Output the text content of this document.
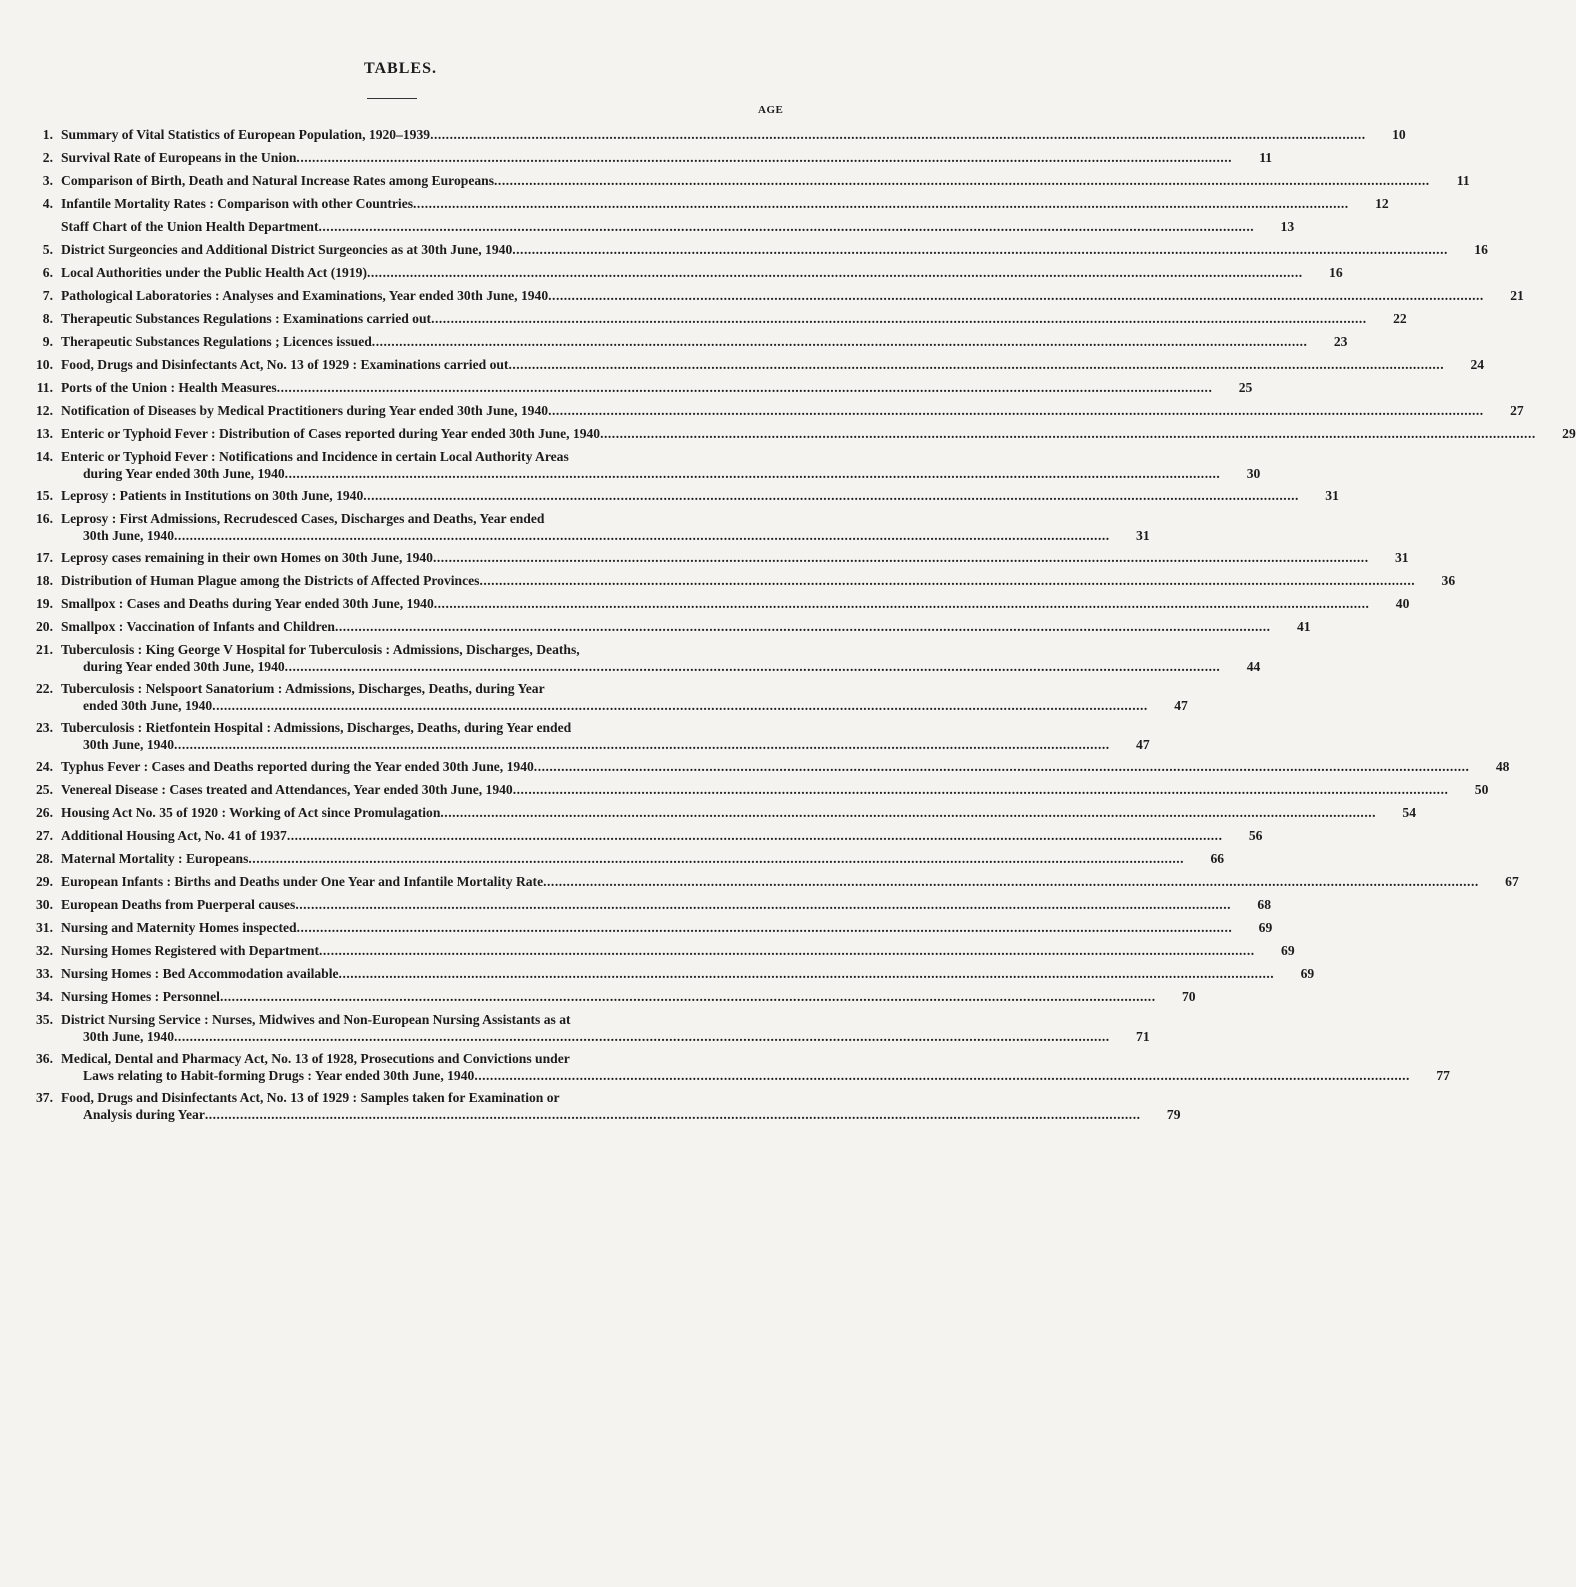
TABLES.
AGE
1. Summary of Vital Statistics of European Population, 1920–1939 .....	10
2. Survival Rate of Europeans in the Union .....	11
3. Comparison of Birth, Death and Natural Increase Rates among Europeans .....	11
4. Infantile Mortality Rates : Comparison with other Countries .....	12
Staff Chart of the Union Health Department .....	13
5. District Surgeoncies and Additional District Surgeoncies as at 30th June, 1940 .....	16
6. Local Authorities under the Public Health Act (1919) .....	16
7. Pathological Laboratories : Analyses and Examinations, Year ended 30th June, 1940 .....	21
8. Therapeutic Substances Regulations : Examinations carried out .....	22
9. Therapeutic Substances Regulations ; Licences issued .....	23
10. Food, Drugs and Disinfectants Act, No. 13 of 1929 : Examinations carried out .....	24
11. Ports of the Union : Health Measures .....	25
12. Notification of Diseases by Medical Practitioners during Year ended 30th June, 1940 .....	27
13. Enteric or Typhoid Fever : Distribution of Cases reported during Year ended 30th June, 1940 .....	29
14. Enteric or Typhoid Fever : Notifications and Incidence in certain Local Authority Areas
during Year ended 30th June, 1940 .....	30
15. Leprosy : Patients in Institutions on 30th June, 1940 .....	31
16. Leprosy : First Admissions, Recrudesced Cases, Discharges and Deaths, Year ended
30th June, 1940 .....	31
17. Leprosy cases remaining in their own Homes on 30th June, 1940 .....	31
18. Distribution of Human Plague among the Districts of Affected Provinces .....	36
19. Smallpox : Cases and Deaths during Year ended 30th June, 1940 .....	40
20. Smallpox : Vaccination of Infants and Children .....	41
21. Tuberculosis : King George V Hospital for Tuberculosis : Admissions, Discharges, Deaths,
during Year ended 30th June, 1940 .....	44
22. Tuberculosis : Nelspoort Sanatorium : Admissions, Discharges, Deaths, during Year
ended 30th June, 1940 .....	47
23. Tuberculosis : Rietfontein Hospital : Admissions, Discharges, Deaths, during Year ended
30th June, 1940 .....	47
24. Typhus Fever : Cases and Deaths reported during the Year ended 30th June, 1940 .....	48
25. Venereal Disease : Cases treated and Attendances, Year ended 30th June, 1940 .....	50
26. Housing Act No. 35 of 1920 : Working of Act since Promulagation .....	54
27. Additional Housing Act, No. 41 of 1937 .....	56
28. Maternal Mortality : Europeans .....	66
29. European Infants : Births and Deaths under One Year and Infantile Mortality Rate .....	67
30. European Deaths from Puerperal causes .....	68
31. Nursing and Maternity Homes inspected .....	69
32. Nursing Homes Registered with Department .....	69
33. Nursing Homes : Bed Accommodation available .....	69
34. Nursing Homes : Personnel .....	70
35. District Nursing Service : Nurses, Midwives and Non-European Nursing Assistants as at
30th June, 1940 .....	71
36. Medical, Dental and Pharmacy Act, No. 13 of 1928, Prosecutions and Convictions under
Laws relating to Habit-forming Drugs : Year ended 30th June, 1940 .....	77
37. Food, Drugs and Disinfectants Act, No. 13 of 1929 : Samples taken for Examination or
Analysis during Year .....	79
